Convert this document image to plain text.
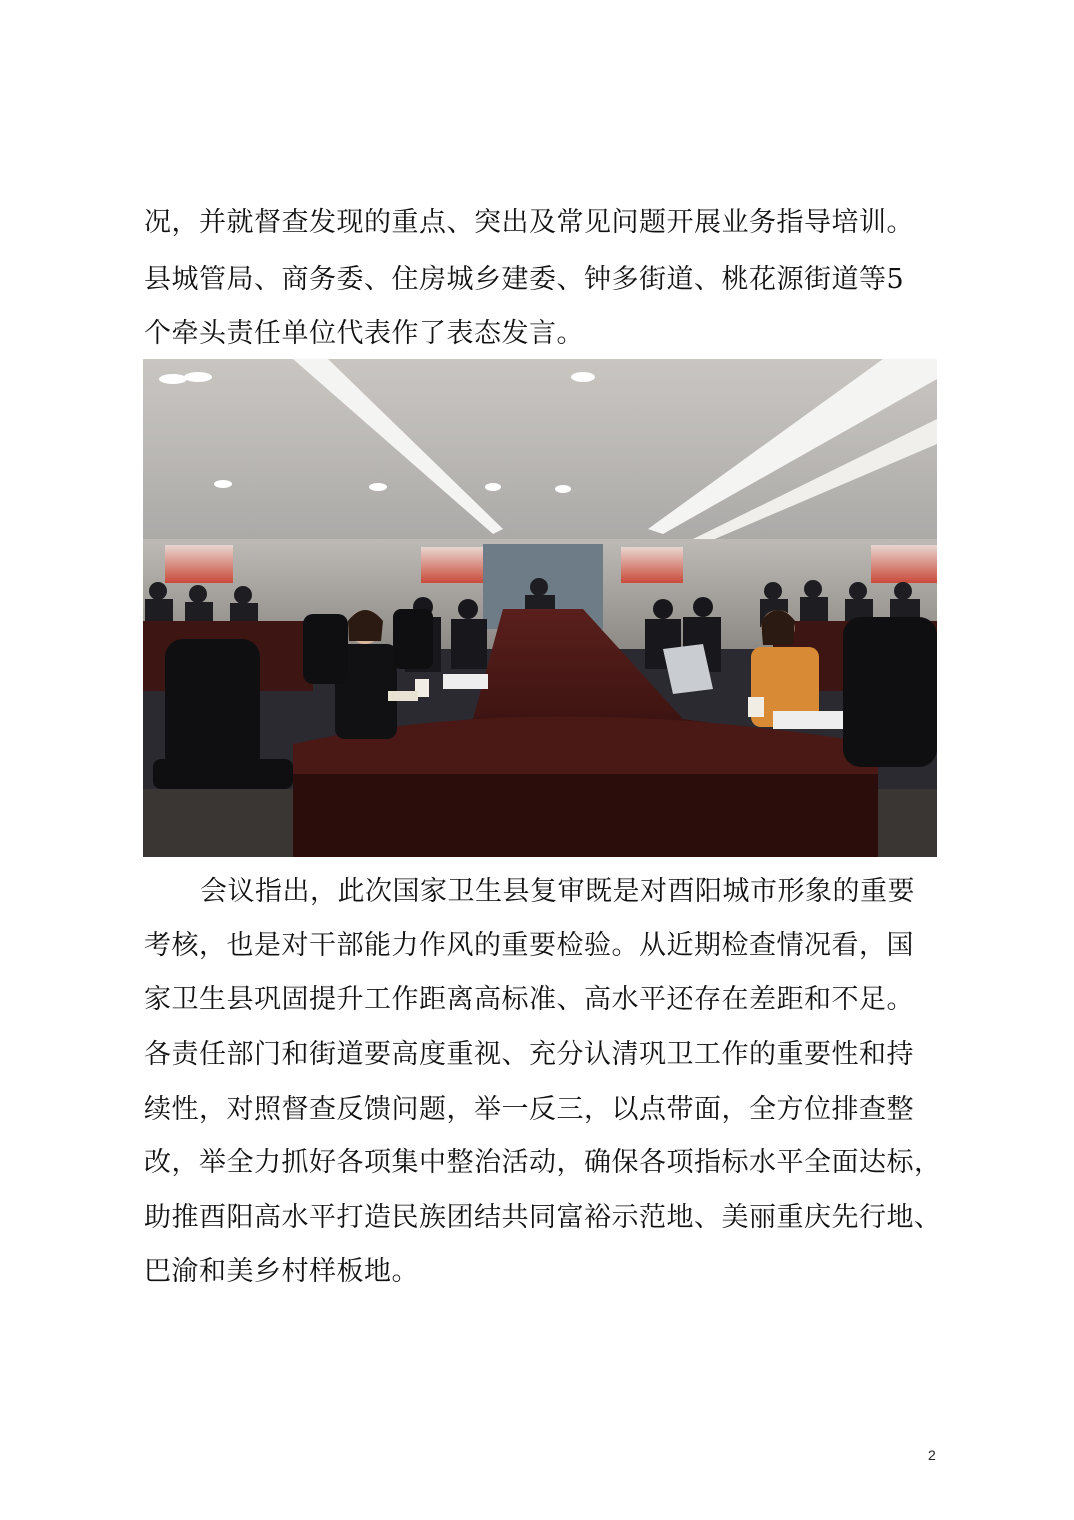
况，并就督查发现的重点、突出及常见问题开展业务指导培训。
县城管局、商务委、住房城乡建委、钟多街道、桃花源街道等5
个牵头责任单位代表作了表态发言。
会议指出，此次国家卫生县复审既是对酉阳城市形象的重要
考核，也是对干部能力作风的重要检验。从近期检查情况看，国
家卫生县巩固提升工作距离高标准、高水平还存在差距和不足。
各责任部门和街道要高度重视、充分认清巩卫工作的重要性和持
续性，对照督查反馈问题，举一反三，以点带面，全方位排查整
改，举全力抓好各项集中整治活动，确保各项指标水平全面达标，
助推酉阳高水平打造民族团结共同富裕示范地、美丽重庆先行地、
巴渝和美乡村样板地。
2
